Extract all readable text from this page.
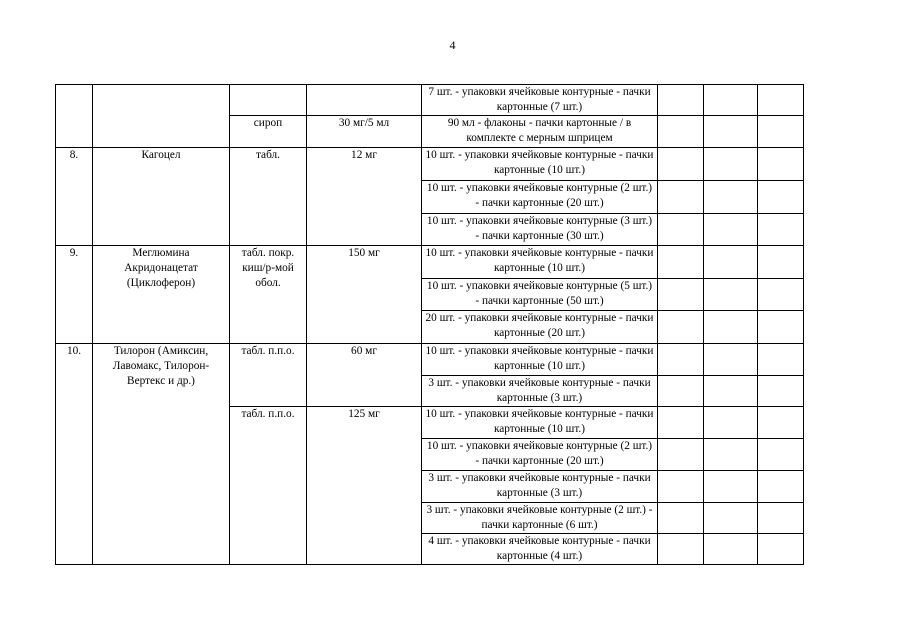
4
				7 шт. - упаковки ячейковые контурные - пачки картонные (7 шт.)			
		сироп	30 мг/5 мл	90 мл - флаконы - пачки картонные / в комплекте с мерным шприцем			
8.	Кагоцел	табл.	12 мг	10 шт. - упаковки ячейковые контурные - пачки картонные (10 шт.)			
				10 шт. - упаковки ячейковые контурные (2 шт.) - пачки картонные (20 шт.)			
				10 шт. - упаковки ячейковые контурные (3 шт.) - пачки картонные (30 шт.)			
9.	Меглюмина Акридонацетат (Циклоферон)	табл. покр. киш/р-мой обол.	150 мг	10 шт. - упаковки ячейковые контурные - пачки картонные (10 шт.)			
				10 шт. - упаковки ячейковые контурные (5 шт.) - пачки картонные (50 шт.)			
				20 шт. - упаковки ячейковые контурные - пачки картонные (20 шт.)			
10.	Тилорон (Амиксин, Лавомакс, Тилорон-Вертекс и др.)	табл. п.п.о.	60 мг	10 шт. - упаковки ячейковые контурные - пачки картонные (10 шт.)			
				3 шт. - упаковки ячейковые контурные - пачки картонные (3 шт.)			
		табл. п.п.о.	125 мг	10 шт. - упаковки ячейковые контурные - пачки картонные (10 шт.)			
				10 шт. - упаковки ячейковые контурные (2 шт.) - пачки картонные (20 шт.)			
				3 шт. - упаковки ячейковые контурные - пачки картонные (3 шт.)			
				3 шт. - упаковки ячейковые контурные (2 шт.) - пачки картонные (6 шт.)			
				4 шт. - упаковки ячейковые контурные - пачки картонные (4 шт.)			
